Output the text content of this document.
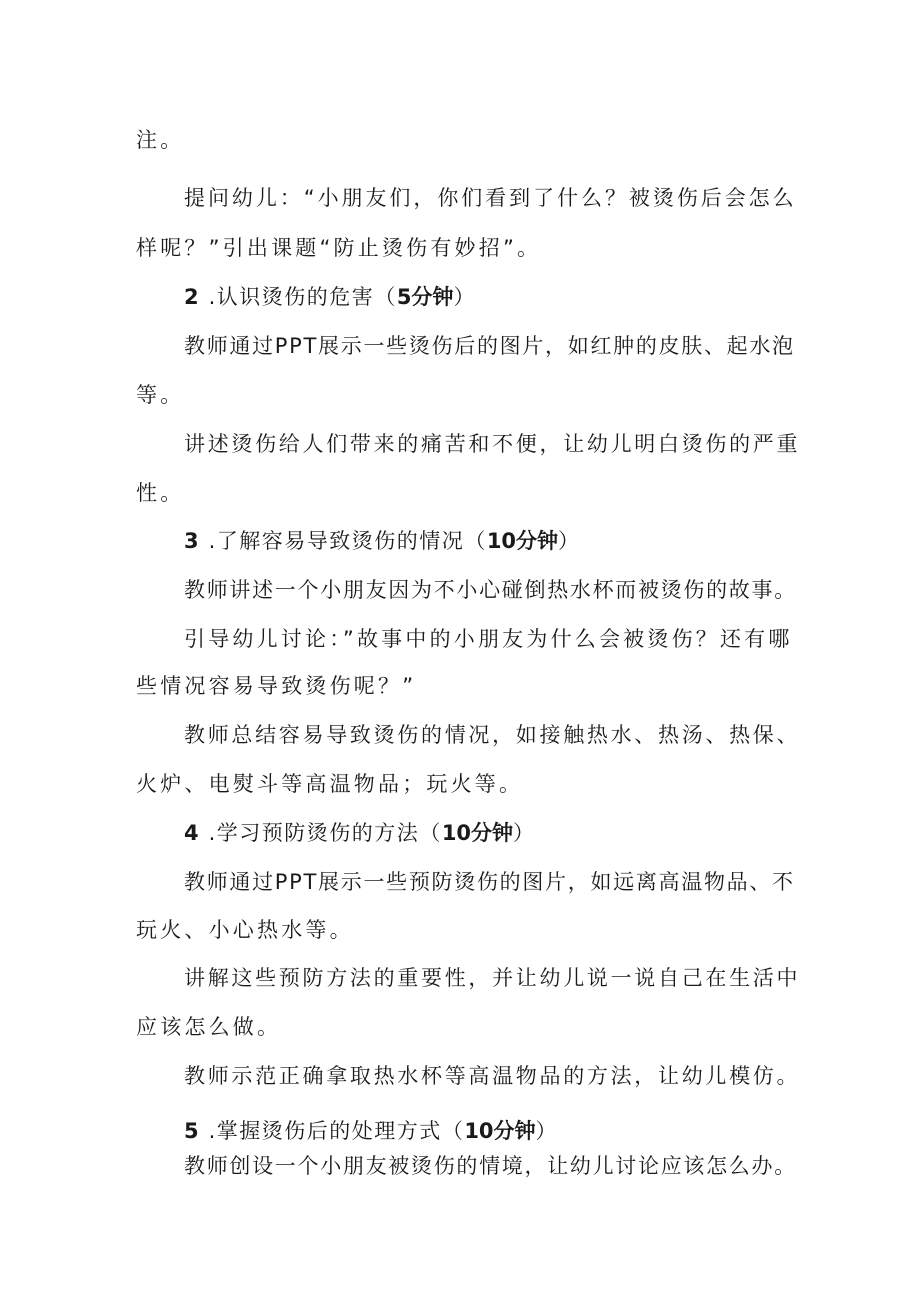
注。

提问幼儿：“小朋友们，你们看到了什么？被烫伤后会怎么

样呢？”引出课题“防止烫伤有妙招”。

2 .认识烫伤的危害（5分钟）

教师通过PPT展示一些烫伤后的图片，如红肿的皮肤、起水泡

等。

讲述烫伤给人们带来的痛苦和不便，让幼儿明白烫伤的严重

性。

3 .了解容易导致烫伤的情况（10分钟）

教师讲述一个小朋友因为不小心碰倒热水杯而被烫伤的故事。

引导幼儿讨论：”故事中的小朋友为什么会被烫伤？还有哪

些情况容易导致烫伤呢？”

教师总结容易导致烫伤的情况，如接触热水、热汤、热保、

火炉、电熨斗等高温物品；玩火等。

4 .学习预防烫伤的方法（10分钟）

教师通过PPT展示一些预防烫伤的图片，如远离高温物品、不

玩火、小心热水等。

讲解这些预防方法的重要性，并让幼儿说一说自己在生活中

应该怎么做。

教师示范正确拿取热水杯等高温物品的方法，让幼儿模仿。

5 .掌握烫伤后的处理方式（10分钟）

教师创设一个小朋友被烫伤的情境，让幼儿讨论应该怎么办。
